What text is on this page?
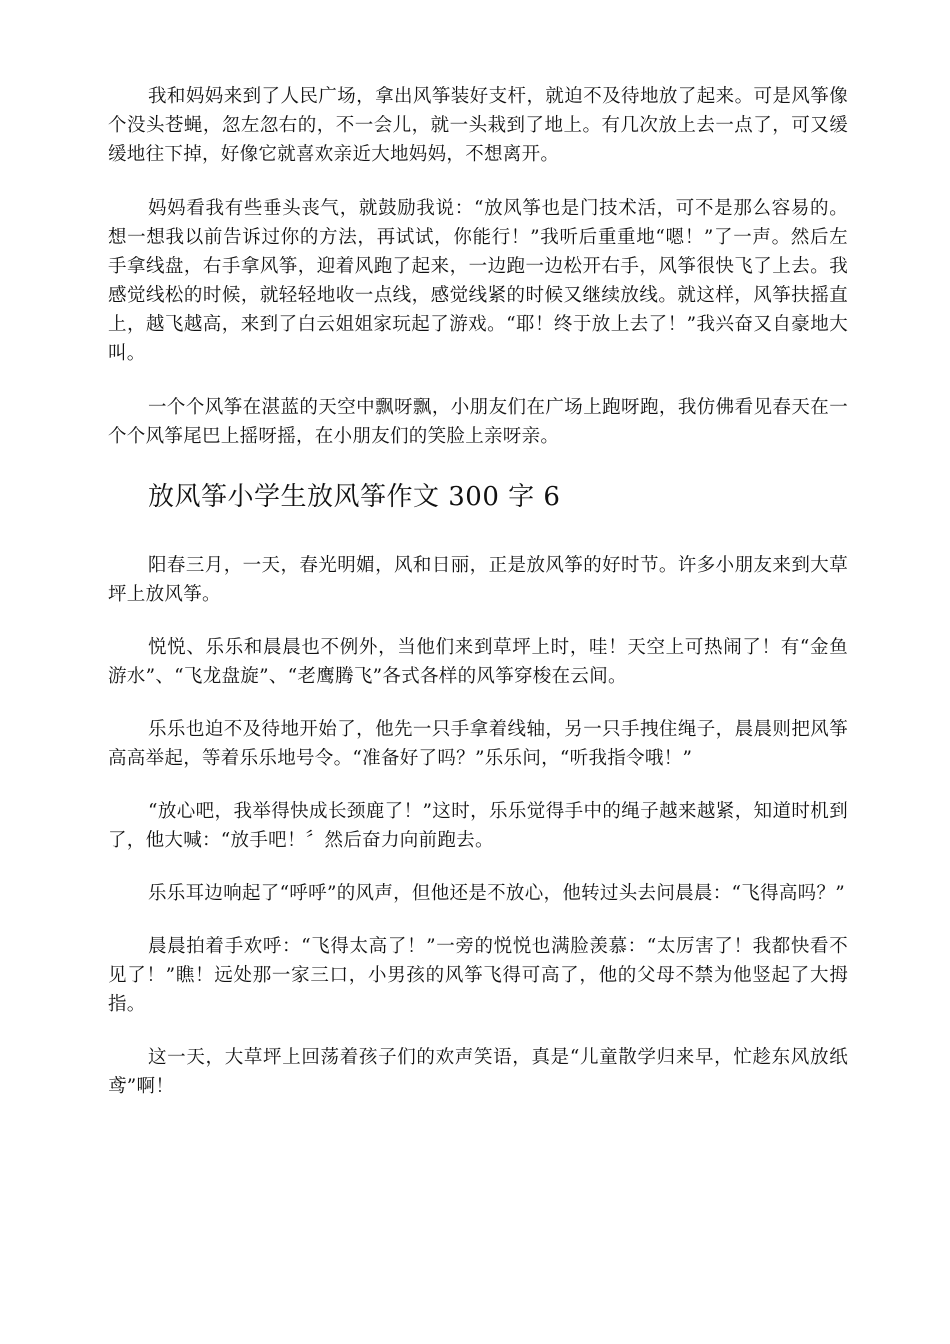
我和妈妈来到了人民广场，拿出风筝装好支杆，就迫不及待地放了起来。可是风筝像个没头苍蝇，忽左忽右的，不一会儿，就一头栽到了地上。有几次放上去一点了，可又缓缓地往下掉，好像它就喜欢亲近大地妈妈，不想离开。

妈妈看我有些垂头丧气，就鼓励我说：“放风筝也是门技术活，可不是那么容易的。想一想我以前告诉过你的方法，再试试，你能行！”我听后重重地“嗯！”了一声。然后左手拿线盘，右手拿风筝，迎着风跑了起来，一边跑一边松开右手，风筝很快飞了上去。我感觉线松的时候，就轻轻地收一点线，感觉线紧的时候又继续放线。就这样，风筝扶摇直上，越飞越高，来到了白云姐姐家玩起了游戏。“耶！终于放上去了！”我兴奋又自豪地大叫。

一个个风筝在湛蓝的天空中飘呀飘，小朋友们在广场上跑呀跑，我仿佛看见春天在一个个风筝尾巴上摇呀摇，在小朋友们的笑脸上亲呀亲。

放风筝小学生放风筝作文 300 字 6

阳春三月，一天，春光明媚，风和日丽，正是放风筝的好时节。许多小朋友来到大草坪上放风筝。

悦悦、乐乐和晨晨也不例外，当他们来到草坪上时，哇！天空上可热闹了！有“金鱼游水”、“飞龙盘旋”、“老鹰腾飞”各式各样的风筝穿梭在云间。

乐乐也迫不及待地开始了，他先一只手拿着线轴，另一只手拽住绳子，晨晨则把风筝高高举起，等着乐乐地号令。“准备好了吗？”乐乐问，“听我指令哦！”

“放心吧，我举得快成长颈鹿了！”这时，乐乐觉得手中的绳子越来越紧，知道时机到了，他大喊：“放手吧！〞然后奋力向前跑去。

乐乐耳边响起了“呼呼”的风声，但他还是不放心，他转过头去问晨晨：“飞得高吗？”

晨晨拍着手欢呼：“飞得太高了！”一旁的悦悦也满脸羡慕：“太厉害了！我都快看不见了！”瞧！远处那一家三口，小男孩的风筝飞得可高了，他的父母不禁为他竖起了大拇指。

这一天，大草坪上回荡着孩子们的欢声笑语，真是“儿童散学归来早，忙趁东风放纸鸢”啊！
